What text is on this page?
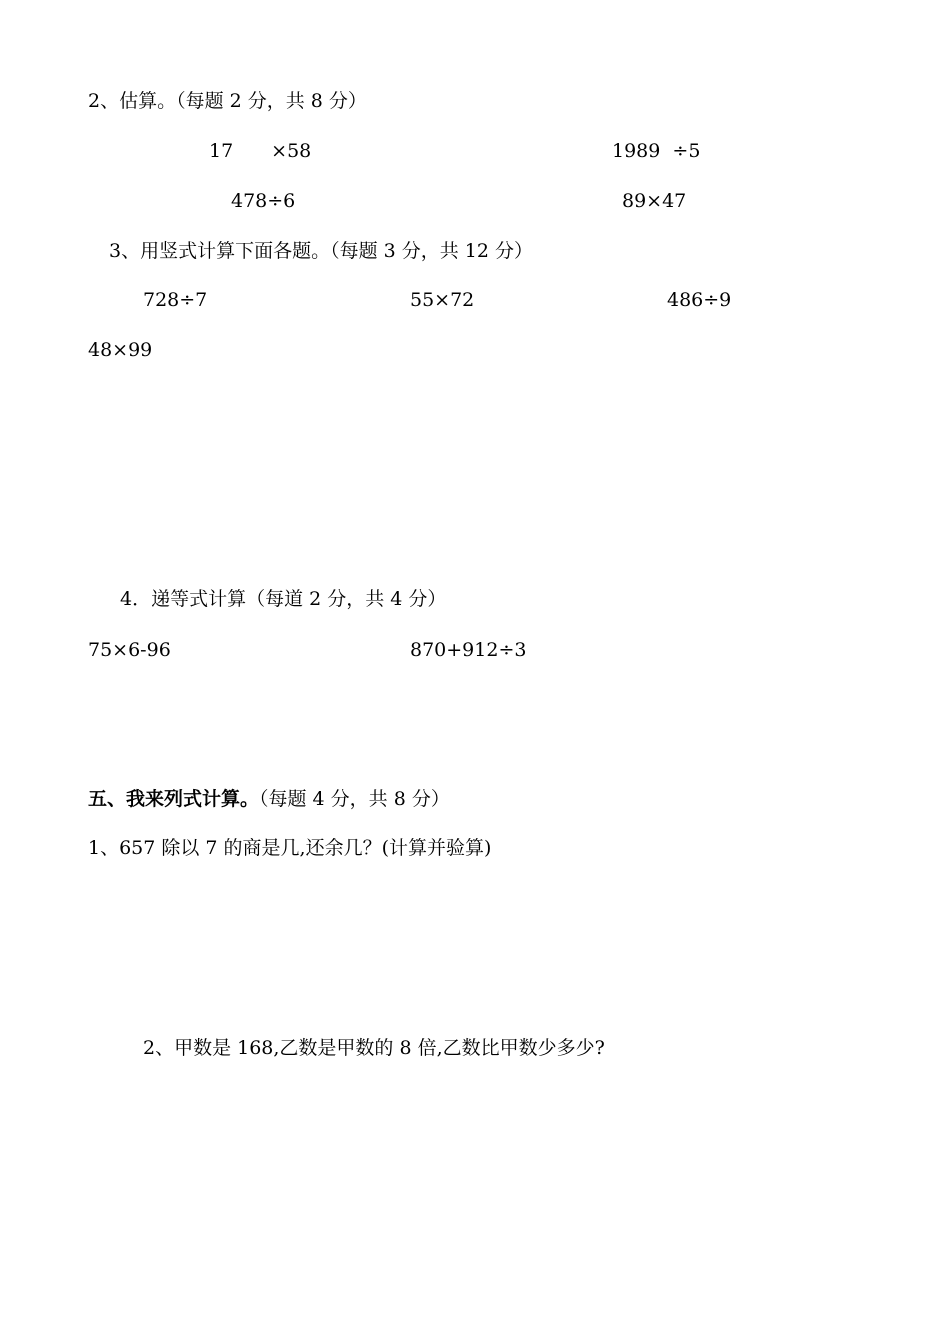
2、估算。（每题 2 分，共 8 分）
17　　×58	1989  ÷5
478÷6	89×47
3、用竖式计算下面各题。（每题 3 分，共 12 分）
728÷7	55×72	486÷9
48×99
4．递等式计算（每道 2 分，共 4 分）
75×6-96	870+912÷3
五、我来列式计算。（每题 4 分，共 8 分）
1、657 除以 7 的商是几,还余几？(计算并验算)
2、甲数是 168,乙数是甲数的 8 倍,乙数比甲数少多少?
